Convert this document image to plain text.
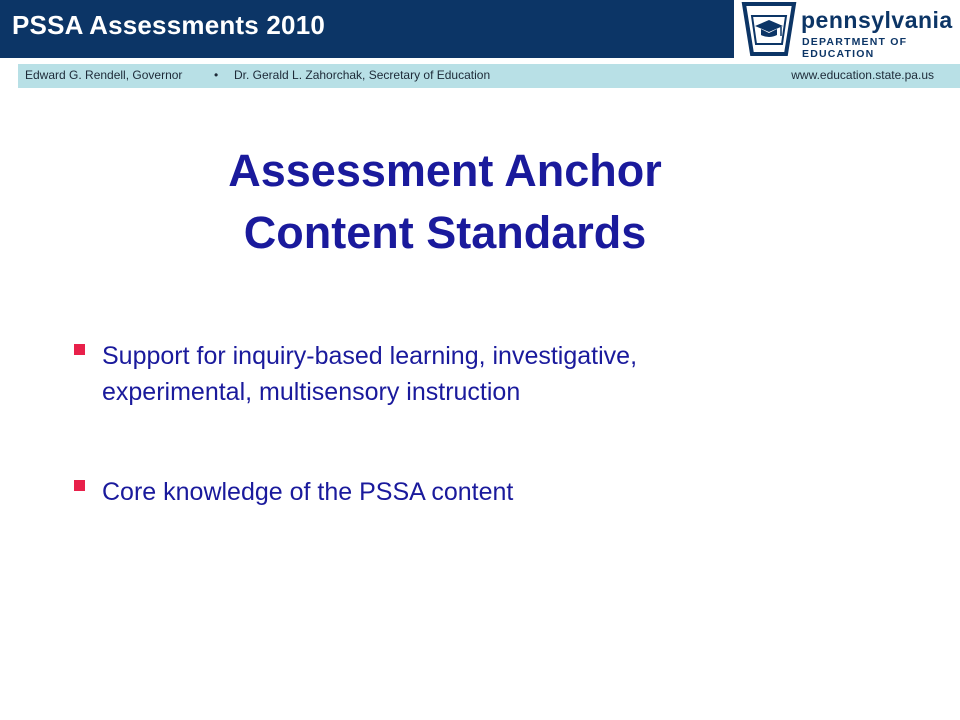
PSSA Assessments 2010	pennsylvania
DEPARTMENT OF EDUCATION
Edward G. Rendell, Governor	• Dr. Gerald L. Zahorchak, Secretary of Education	www.education.state.pa.us
Assessment Anchor
Content Standards
Support for inquiry-based learning, investigative,
experimental, multisensory instruction
Core knowledge of the PSSA content
